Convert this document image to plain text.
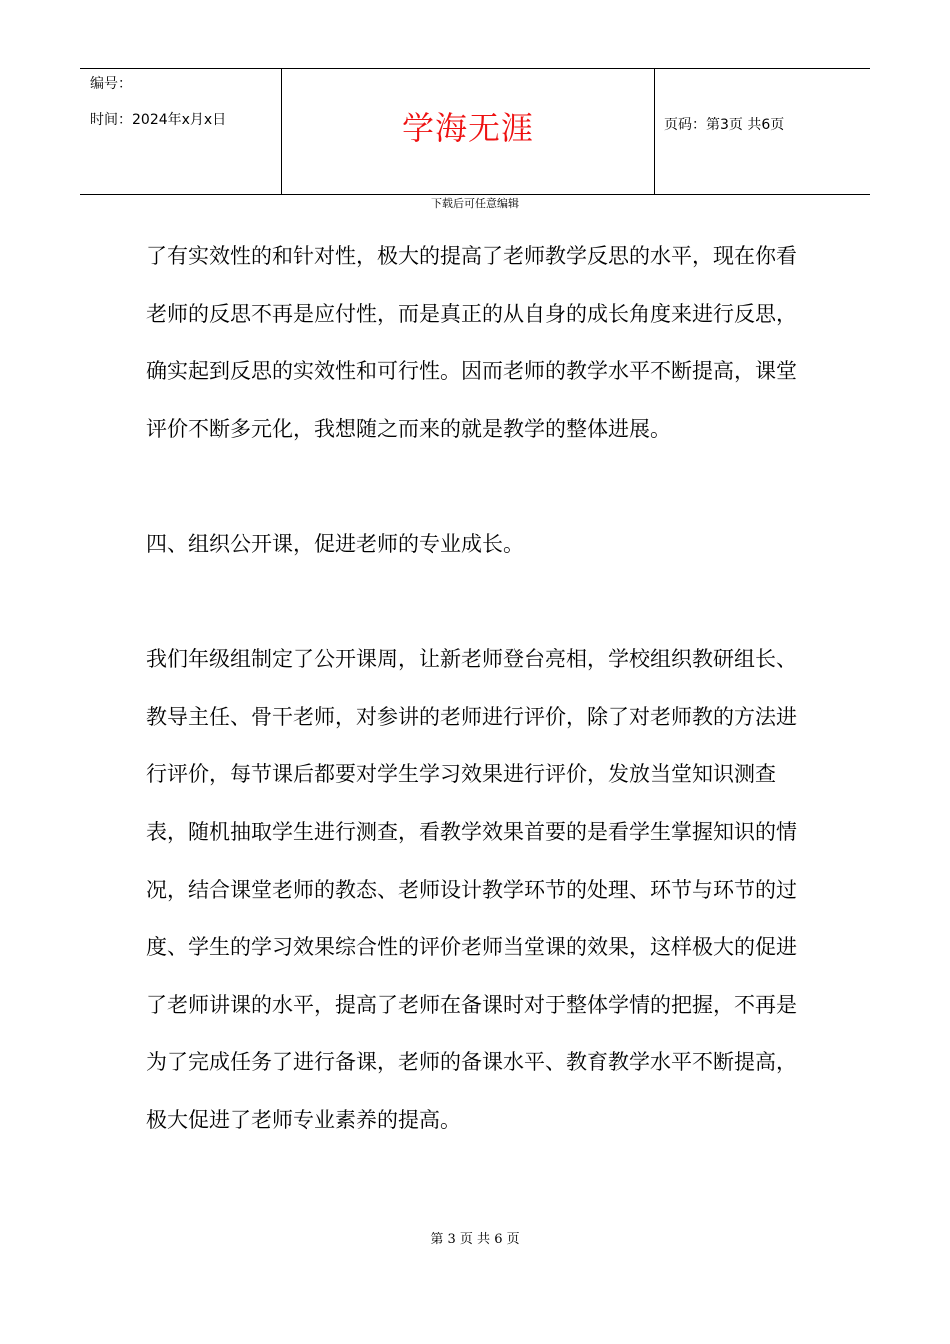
编号：
时间：2024年x月x日	学海无涯	页码：第3页 共6页
下载后可任意编辑

了有实效性的和针对性，极大的提高了老师教学反思的水平，现在你看老师的反思不再是应付性，而是真正的从自身的成长角度来进行反思，确实起到反思的实效性和可行性。因而老师的教学水平不断提高，课堂评价不断多元化，我想随之而来的就是教学的整体进展。

四、组织公开课，促进老师的专业成长。

我们年级组制定了公开课周，让新老师登台亮相，学校组织教研组长、教导主任、骨干老师，对参讲的老师进行评价，除了对老师教的方法进行评价，每节课后都要对学生学习效果进行评价，发放当堂知识测查表，随机抽取学生进行测查，看教学效果首要的是看学生掌握知识的情况，结合课堂老师的教态、老师设计教学环节的处理、环节与环节的过度、学生的学习效果综合性的评价老师当堂课的效果，这样极大的促进了老师讲课的水平，提高了老师在备课时对于整体学情的把握，不再是为了完成任务了进行备课，老师的备课水平、教育教学水平不断提高，极大促进了老师专业素养的提高。

第 3 页 共 6 页
